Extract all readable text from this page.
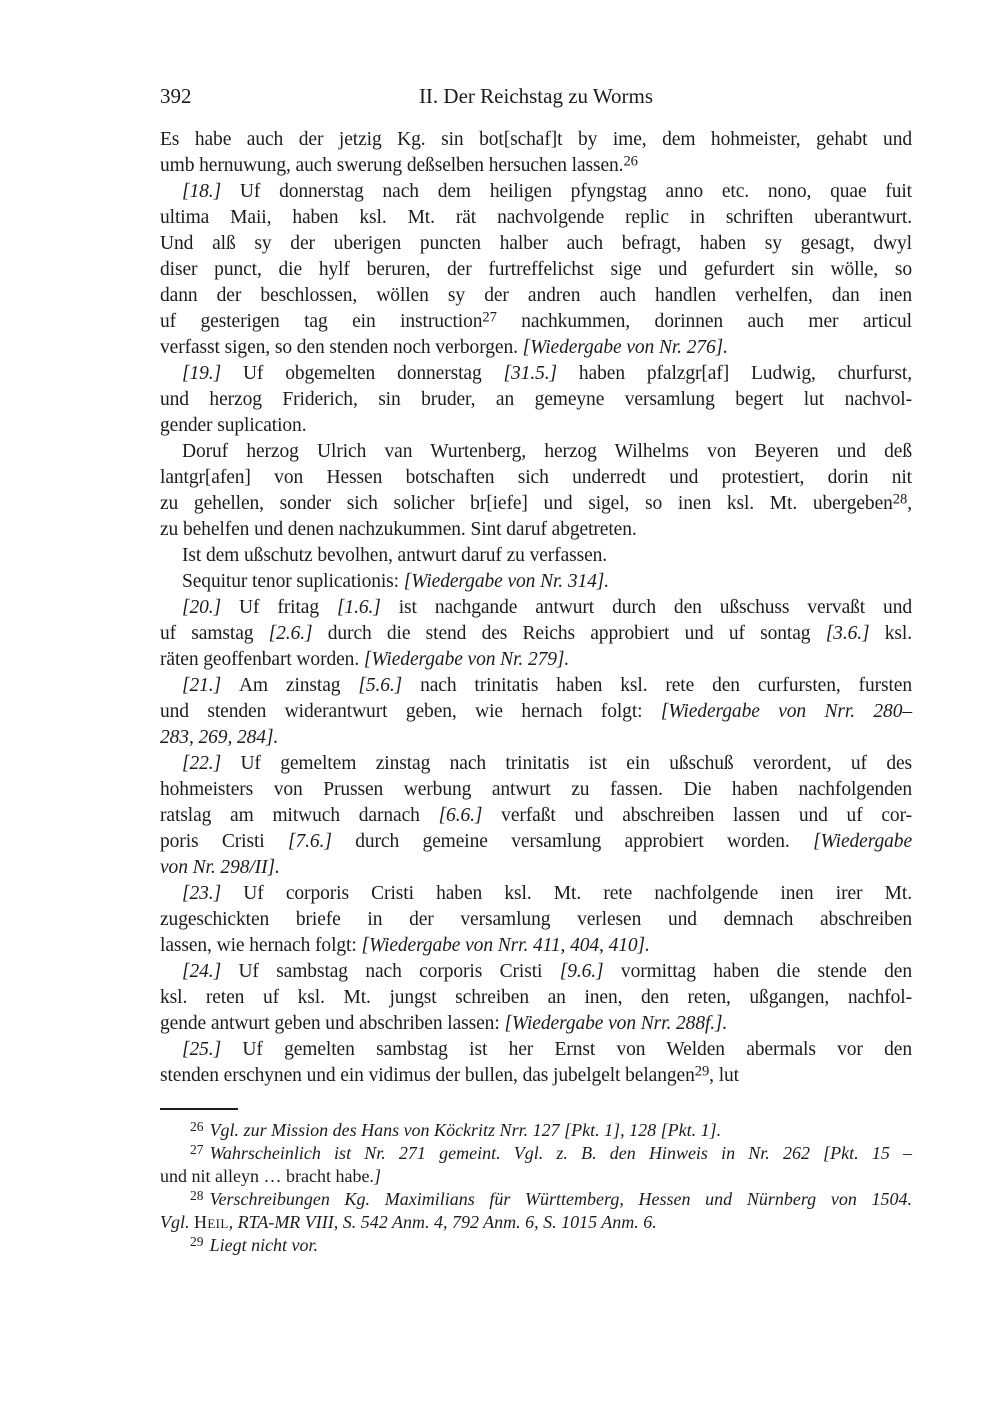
392	II. Der Reichstag zu Worms
Es habe auch der jetzig Kg. sin bot[schaf]t by ime, dem hohmeister, gehabt und
umb hernuwung, auch swerung deßselben hersuchen lassen.$^{26}$
[18.] Uf donnerstag nach dem heiligen pfyngstag anno etc. nono, quae fuit
ultima Maii, haben ksl. Mt. rät nachvolgende replic in schriften uberantwurt.
Und alß sy der uberigen puncten halber auch befragt, haben sy gesagt, dwyl
diser punct, die hylf beruren, der furtreffelichst sige und gefurdert sin wölle, so
dann der beschlossen, wöllen sy der andren auch handlen verhelfen, dan inen
uf gesterigen tag ein instruction$^{27}$ nachkummen, dorinnen auch mer articul
verfasst sigen, so den stenden noch verborgen. [Wiedergabe von Nr. 276].
[19.] Uf obgemelten donnerstag [31.5.] haben pfalzgr[af] Ludwig, churfurst,
und herzog Friderich, sin bruder, an gemeyne versamlung begert lut nachvol-
gender suplication.
Doruf herzog Ulrich van Wurtenberg, herzog Wilhelms von Beyeren und deß
lantgr[afen] von Hessen botschaften sich underredt und protestiert, dorin nit
zu gehellen, sonder sich solicher br[iefe] und sigel, so inen ksl. Mt. ubergeben$^{28}$,
zu behelfen und denen nachzukummen. Sint daruf abgetreten.
Ist dem ußschutz bevolhen, antwurt daruf zu verfassen.
Sequitur tenor suplicationis: [Wiedergabe von Nr. 314].
[20.] Uf fritag [1.6.] ist nachgande antwurt durch den ußschuss vervaßt und
uf samstag [2.6.] durch die stend des Reichs approbiert und uf sontag [3.6.] ksl.
räten geoffenbart worden. [Wiedergabe von Nr. 279].
[21.] Am zinstag [5.6.] nach trinitatis haben ksl. rete den curfursten, fursten
und stenden widerantwurt geben, wie hernach folgt: [Wiedergabe von Nrr. 280–
283, 269, 284].
[22.] Uf gemeltem zinstag nach trinitatis ist ein ußschuß verordent, uf des
hohmeisters von Prussen werbung antwurt zu fassen. Die haben nachfolgenden
ratslag am mitwuch darnach [6.6.] verfaßt und abschreiben lassen und uf cor-
poris Cristi [7.6.] durch gemeine versamlung approbiert worden. [Wiedergabe
von Nr. 298/II].
[23.] Uf corporis Cristi haben ksl. Mt. rete nachfolgende inen irer Mt.
zugeschickten briefe in der versamlung verlesen und demnach abschreiben
lassen, wie hernach folgt: [Wiedergabe von Nrr. 411, 404, 410].
[24.] Uf sambstag nach corporis Cristi [9.6.] vormittag haben die stende den
ksl. reten uf ksl. Mt. jungst schreiben an inen, den reten, ußgangen, nachfol-
gende antwurt geben und abschriben lassen: [Wiedergabe von Nrr. 288f.].
[25.] Uf gemelten sambstag ist her Ernst von Welden abermals vor den
stenden erschynen und ein vidimus der bullen, das jubelgelt belangen$^{29}$, lut
$^{26}$ Vgl. zur Mission des Hans von Köckritz Nrr. 127 [Pkt. 1], 128 [Pkt. 1].
$^{27}$ Wahrscheinlich ist Nr. 271 gemeint. Vgl. z. B. den Hinweis in Nr. 262 [Pkt. 15 –
und nit alleyn … bracht habe.]
$^{28}$ Verschreibungen Kg. Maximilians für Württemberg, Hessen und Nürnberg von 1504.
Vgl. Heil, RTA-MR VIII, S. 542 Anm. 4, 792 Anm. 6, S. 1015 Anm. 6.
$^{29}$ Liegt nicht vor.
